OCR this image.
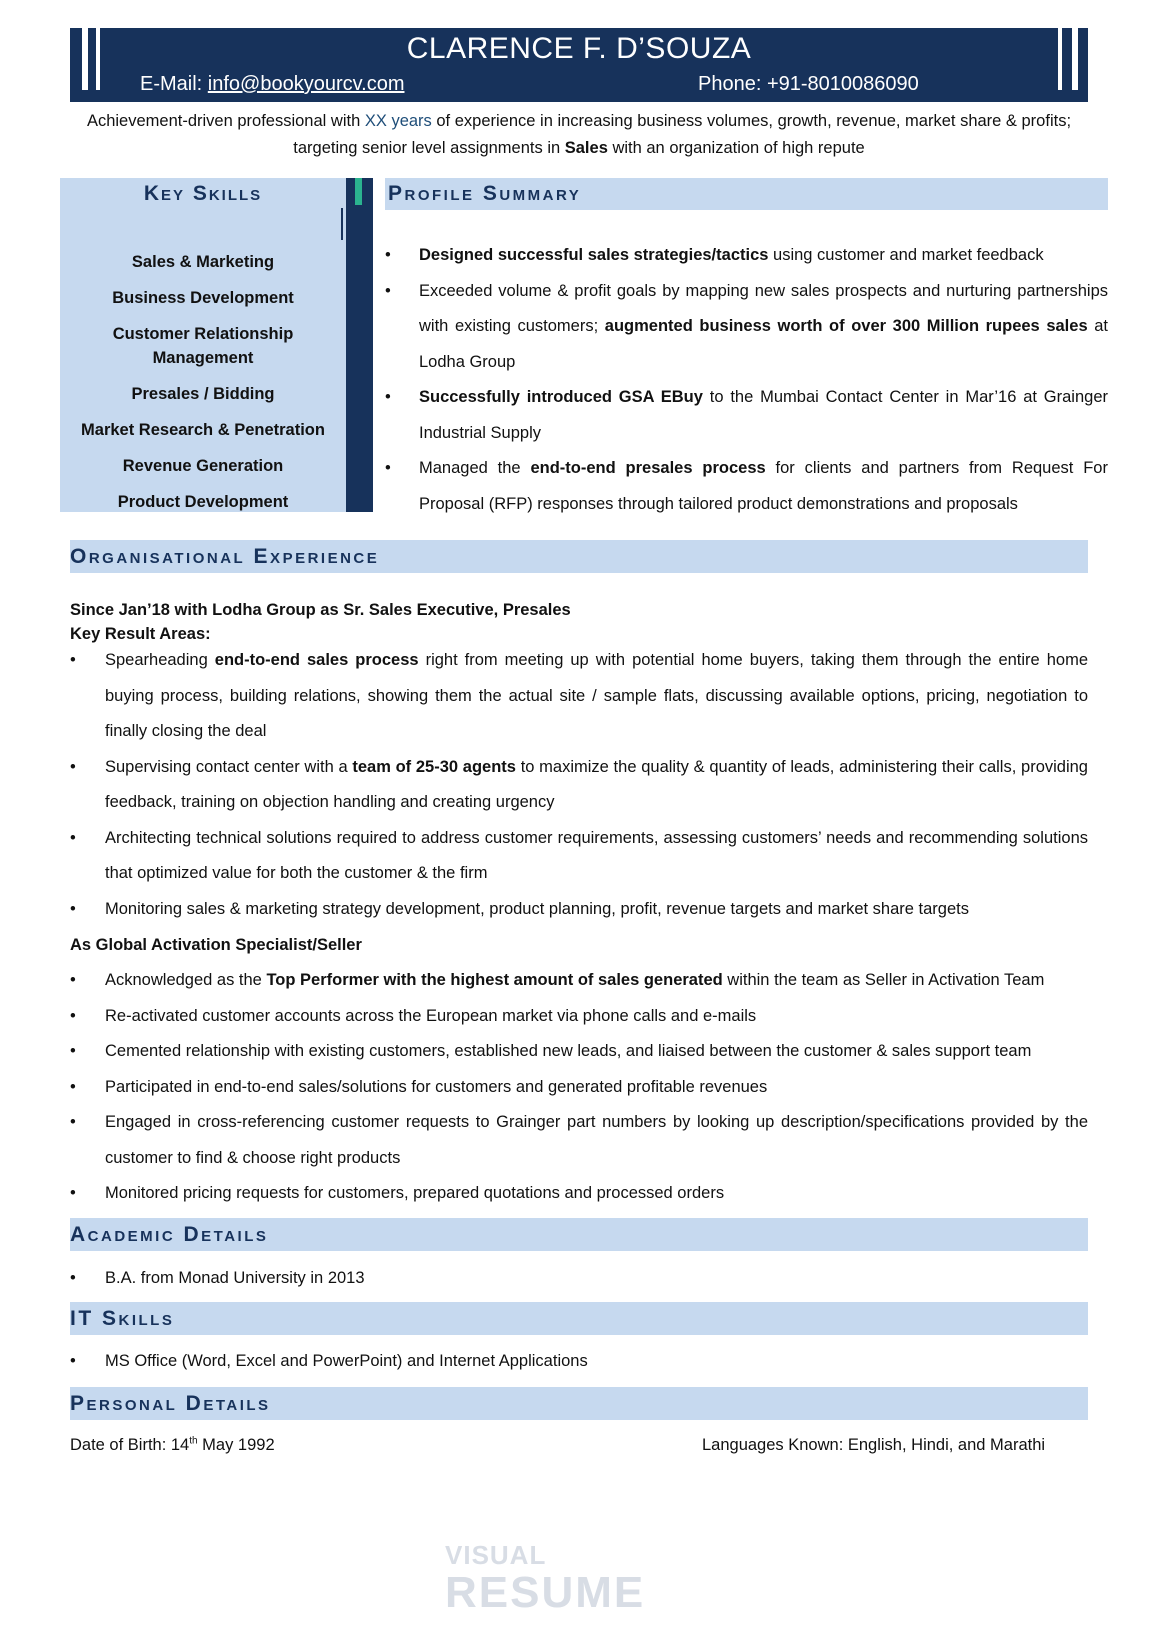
CLARENCE F. D’SOUZA
E-Mail: info@bookyourcv.com	Phone: +91-8010086090
Achievement-driven professional with XX years of experience in increasing business volumes, growth, revenue, market share & profits; targeting senior level assignments in Sales with an organization of high repute
Key Skills
Sales & Marketing
Business Development
Customer Relationship Management
Presales / Bidding
Market Research & Penetration
Revenue Generation
Product Development
Profile Summary
• Designed successful sales strategies/tactics using customer and market feedback
• Exceeded volume & profit goals by mapping new sales prospects and nurturing partnerships with existing customers; augmented business worth of over 300 Million rupees sales at Lodha Group
• Successfully introduced GSA EBuy to the Mumbai Contact Center in Mar’16 at Grainger Industrial Supply
• Managed the end-to-end presales process for clients and partners from Request For Proposal (RFP) responses through tailored product demonstrations and proposals
Organisational Experience
Since Jan’18 with Lodha Group as Sr. Sales Executive, Presales
Key Result Areas:
• Spearheading end-to-end sales process right from meeting up with potential home buyers, taking them through the entire home buying process, building relations, showing them the actual site / sample flats, discussing available options, pricing, negotiation to finally closing the deal
• Supervising contact center with a team of 25-30 agents to maximize the quality & quantity of leads, administering their calls, providing feedback, training on objection handling and creating urgency
• Architecting technical solutions required to address customer requirements, assessing customers’ needs and recommending solutions that optimized value for both the customer & the firm
• Monitoring sales & marketing strategy development, product planning, profit, revenue targets and market share targets
As Global Activation Specialist/Seller
• Acknowledged as the Top Performer with the highest amount of sales generated within the team as Seller in Activation Team
• Re-activated customer accounts across the European market via phone calls and e-mails
• Cemented relationship with existing customers, established new leads, and liaised between the customer & sales support team
• Participated in end-to-end sales/solutions for customers and generated profitable revenues
• Engaged in cross-referencing customer requests to Grainger part numbers by looking up description/specifications provided by the customer to find & choose right products
• Monitored pricing requests for customers, prepared quotations and processed orders
Academic Details
• B.A. from Monad University in 2013
IT Skills
• MS Office (Word, Excel and PowerPoint) and Internet Applications
Personal Details
Date of Birth: 14th May 1992	Languages Known: English, Hindi, and Marathi
VISUAL
RESUME
